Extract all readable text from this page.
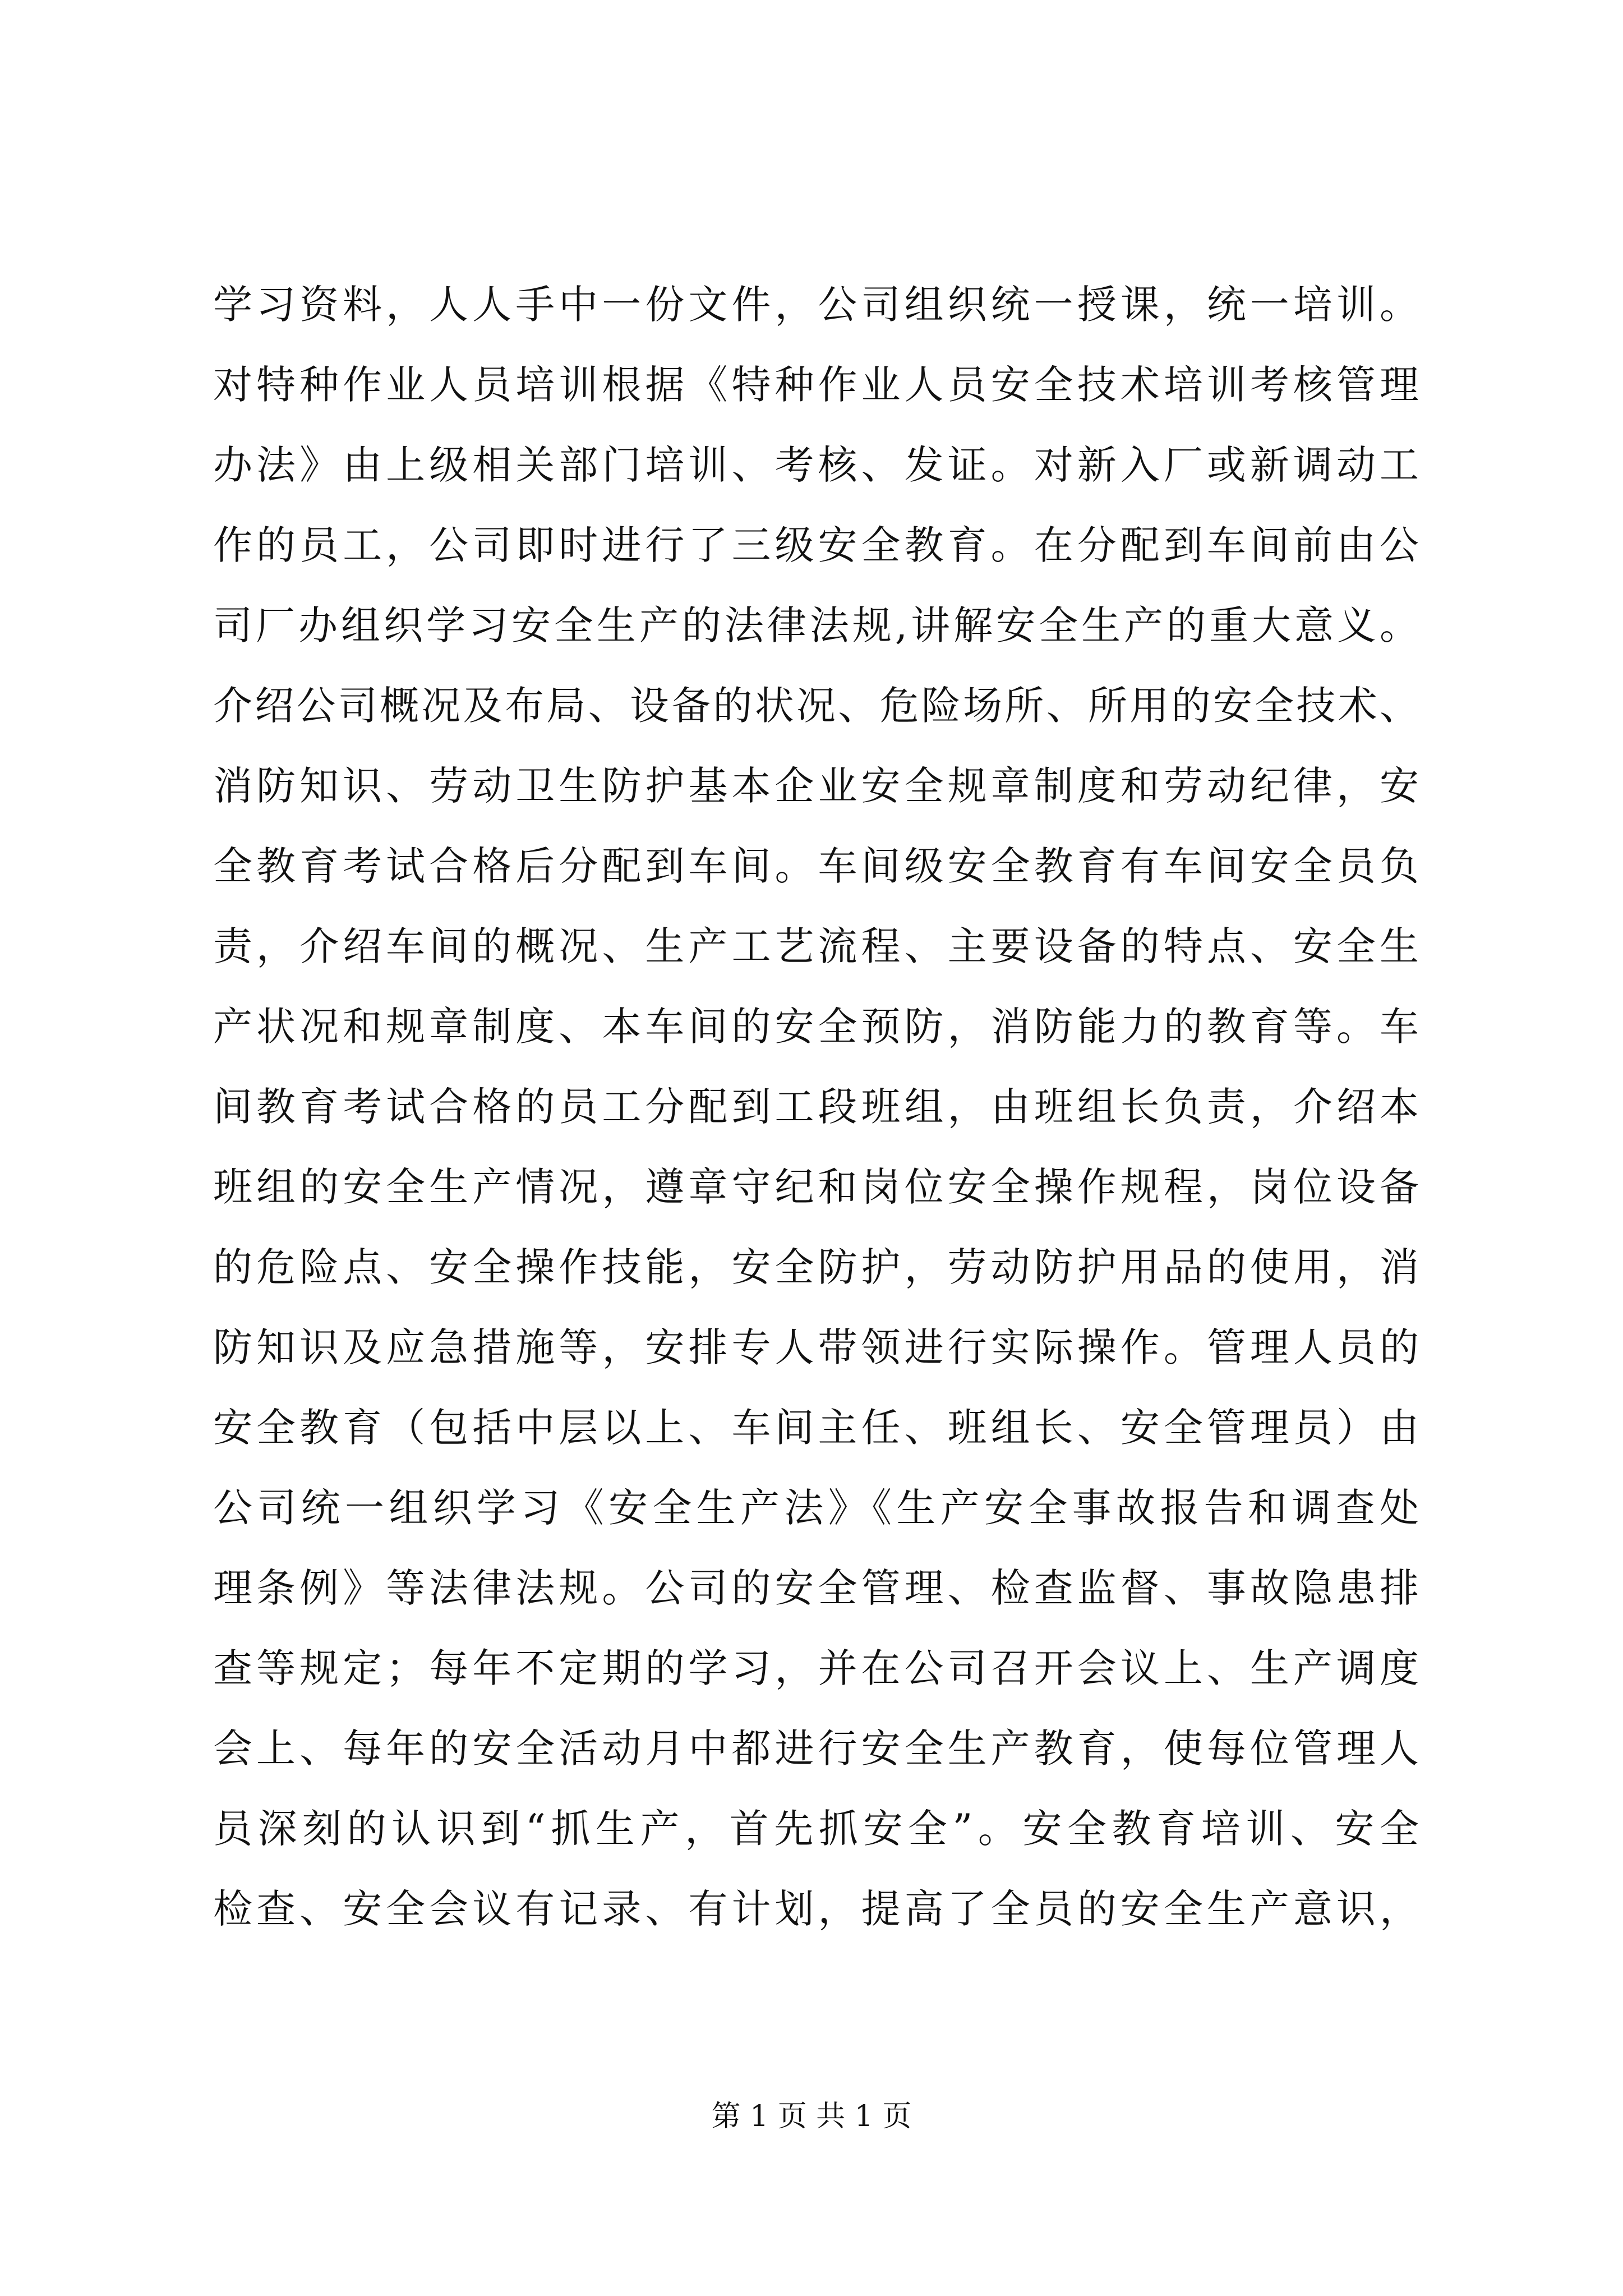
学习资料，人人手中一份文件，公司组织统一授课，统一培训。
对特种作业人员培训根据《特种作业人员安全技术培训考核管理
办法》由上级相关部门培训、考核、发证。对新入厂或新调动工
作的员工，公司即时进行了三级安全教育。在分配到车间前由公
司厂办组织学习安全生产的法律法规,讲解安全生产的重大意义。
介绍公司概况及布局、设备的状况、危险场所、所用的安全技术、
消防知识、劳动卫生防护基本企业安全规章制度和劳动纪律，安
全教育考试合格后分配到车间。车间级安全教育有车间安全员负
责，介绍车间的概况、生产工艺流程、主要设备的特点、安全生
产状况和规章制度、本车间的安全预防，消防能力的教育等。车
间教育考试合格的员工分配到工段班组，由班组长负责，介绍本
班组的安全生产情况，遵章守纪和岗位安全操作规程，岗位设备
的危险点、安全操作技能，安全防护，劳动防护用品的使用，消
防知识及应急措施等，安排专人带领进行实际操作。管理人员的
安全教育（包括中层以上、车间主任、班组长、安全管理员）由
公司统一组织学习《安全生产法》《生产安全事故报告和调查处
理条例》等法律法规。公司的安全管理、检查监督、事故隐患排
查等规定；每年不定期的学习，并在公司召开会议上、生产调度
会上、每年的安全活动月中都进行安全生产教育，使每位管理人
员深刻的认识到“抓生产，首先抓安全”。安全教育培训、安全
检查、安全会议有记录、有计划，提高了全员的安全生产意识，
第 1 页 共 1 页
